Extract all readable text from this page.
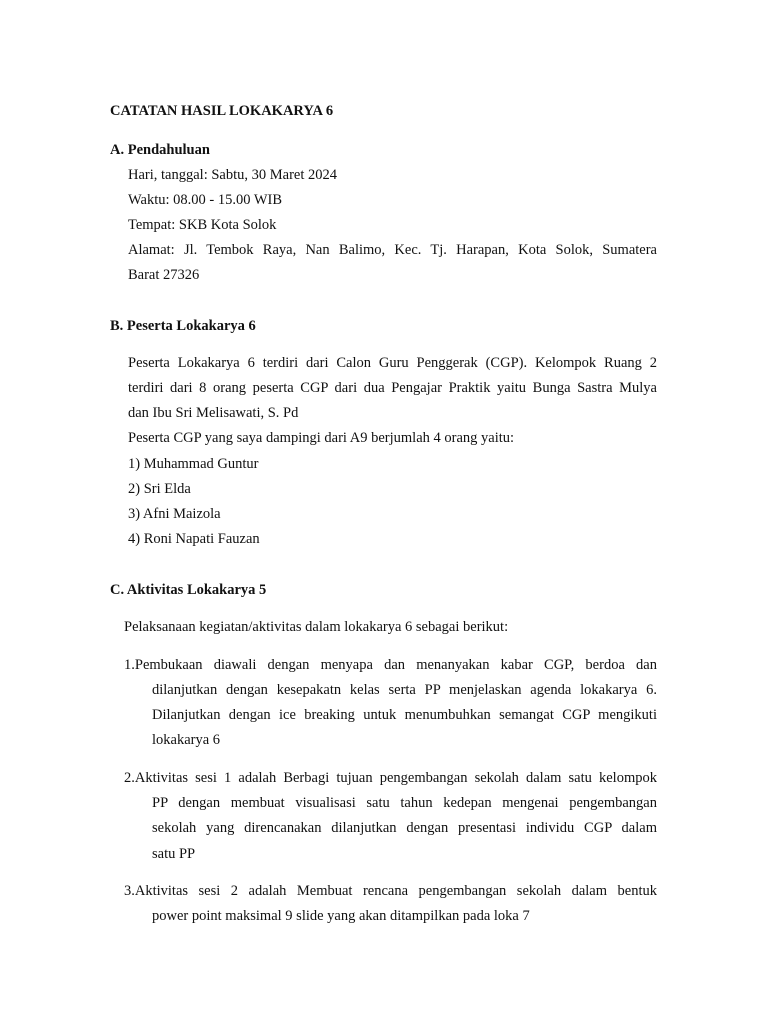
CATATAN HASIL LOKAKARYA 6
A. Pendahuluan
Hari, tanggal: Sabtu, 30 Maret 2024
Waktu: 08.00 - 15.00 WIB
Tempat: SKB Kota Solok
Alamat: Jl. Tembok Raya, Nan Balimo, Kec. Tj. Harapan, Kota Solok, Sumatera
Barat 27326
B. Peserta Lokakarya 6
Peserta Lokakarya 6 terdiri dari Calon Guru Penggerak (CGP). Kelompok Ruang 2
terdiri dari 8 orang peserta CGP dari dua Pengajar Praktik yaitu Bunga Sastra Mulya
dan Ibu Sri Melisawati, S. Pd
Peserta CGP yang saya dampingi dari A9 berjumlah 4 orang yaitu:
1) Muhammad Guntur
2) Sri Elda
3) Afni Maizola
4) Roni Napati Fauzan
C. Aktivitas Lokakarya 5
Pelaksanaan kegiatan/aktivitas dalam lokakarya 6 sebagai berikut:
1.Pembukaan diawali dengan menyapa dan menanyakan kabar CGP, berdoa dan
dilanjutkan dengan kesepakatn kelas serta PP menjelaskan agenda lokakarya 6.
Dilanjutkan dengan ice breaking untuk menumbuhkan semangat CGP mengikuti
lokakarya 6
2.Aktivitas sesi 1 adalah Berbagi tujuan pengembangan sekolah dalam satu kelompok
PP dengan membuat visualisasi satu tahun kedepan mengenai pengembangan
sekolah yang direncanakan dilanjutkan dengan presentasi individu CGP dalam
satu PP
3.Aktivitas sesi 2 adalah Membuat rencana pengembangan sekolah dalam bentuk
power point maksimal 9 slide yang akan ditampilkan pada loka 7
